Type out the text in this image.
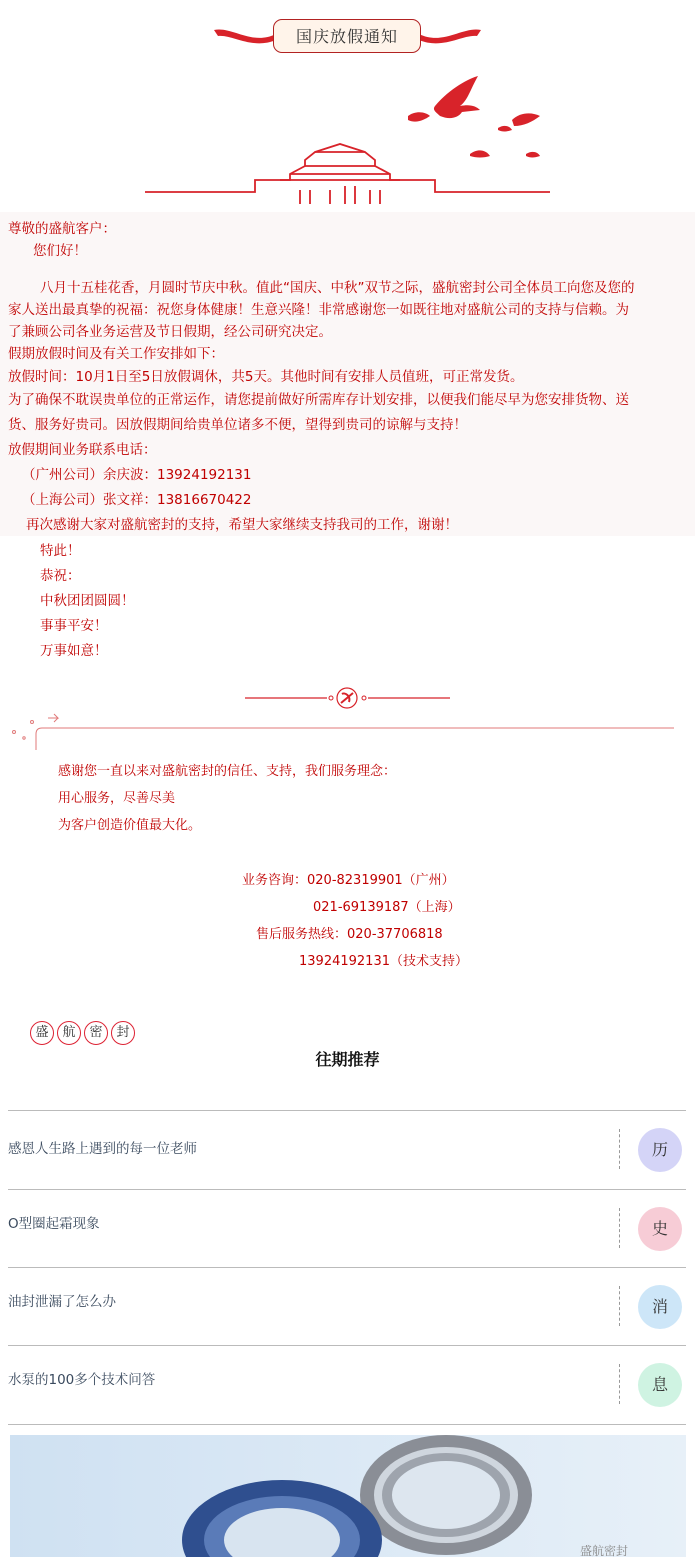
国庆放假通知
尊敬的盛航客户：
您们好！
八月十五桂花香，月圆时节庆中秋。值此“国庆、中秋”双节之际，盛航密封公司全体员工向您及您的
家人送出最真挚的祝福：祝您身体健康！生意兴隆！非常感谢您一如既往地对盛航公司的支持与信赖。为
了兼顾公司各业务运营及节日假期，经公司研究决定。
假期放假时间及有关工作安排如下：
放假时间：10月1日至5日放假调休，共5天。其他时间有安排人员值班，可正常发货。
为了确保不耽误贵单位的正常运作，请您提前做好所需库存计划安排，以便我们能尽早为您安排货物、送
货、服务好贵司。因放假期间给贵单位诸多不便，望得到贵司的谅解与支持！
放假期间业务联系电话：
（广州公司）余庆波：13924192131
（上海公司）张文祥：13816670422
再次感谢大家对盛航密封的支持，希望大家继续支持我司的工作，谢谢！
特此！
恭祝：
中秋团团圆圆！
事事平安！
万事如意！
感谢您一直以来对盛航密封的信任、支持，我们服务理念：
用心服务，尽善尽美
为客户创造价值最大化。
业务咨询：020-82319901（广州）
021-69139187（上海）
售后服务热线：020-37706818
13924192131（技术支持）
盛	航	密	封
往期推荐
感恩人生路上遇到的每一位老师	历
O型圈起霜现象	史
油封泄漏了怎么办	消
水泵的100多个技术问答	息
盛航密封
